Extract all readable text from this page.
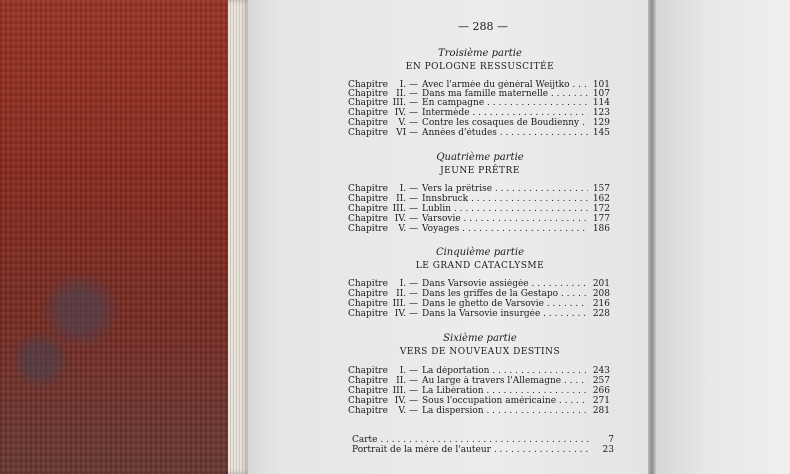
— 288 —
Troisième partie
EN POLOGNE RESSUSCITÉE
Chapitre	I. — Avec l'armée du général Weijtko . . .	101
Chapitre II. — Dans ma famille maternelle . . .	107
Chapitre III. — En campagne . . .	114
Chapitre IV. — Intermède . . .	123
Chapitre	V. — Contre les cosaques de Boudienny . . .	129
Chapitre VI — Années d'études . . .	145
Quatrième partie
JEUNE PRÊTRE
Chapitre	I. — Vers la prêtrise . . .	157
Chapitre II. — Innsbruck . . .	162
Chapitre III. — Lublin . . .	172
Chapitre IV. — Varsovie . . .	177
Chapitre	V. — Voyages . . .	186
Cinquième partie
LE GRAND CATACLYSME
Chapitre	I. — Dans Varsovie assiégée . . .	201
Chapitre II. — Dans les griffes de la Gestapo . . .	208
Chapitre III. — Dans le ghetto de Varsovie . . .	216
Chapitre IV. — Dans la Varsovie insurgée . . .	228
Sixième partie
VERS DE NOUVEAUX DESTINS
Chapitre	I. — La déportation . . .	243
Chapitre II. — Au large à travers l'Allemagne . . .	257
Chapitre III. — La Libération . . .	266
Chapitre IV. — Sous l'occupation américaine . . .	271
Chapitre	V. — La dispersion . . .	281
Carte . . .	7
Portrait de la mère de l'auteur . . .	23
